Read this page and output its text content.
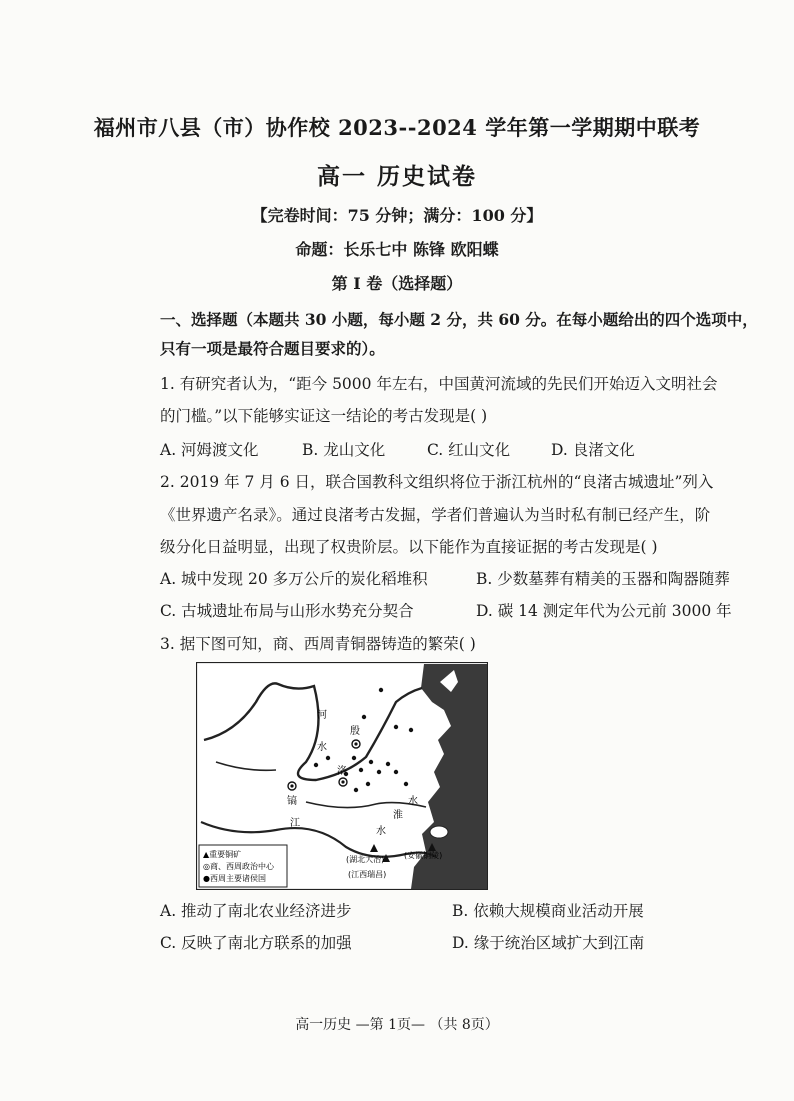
福州市八县（市）协作校 2023--2024 学年第一学期期中联考
高一 历史试卷
【完卷时间：75 分钟；满分：100 分】
命题：长乐七中 陈锋 欧阳蝶
第 I 卷（选择题）
一、选择题（本题共 30 小题，每小题 2 分，共 60 分。在每小题给出的四个选项中，
只有一项是最符合题目要求的）。
1. 有研究者认为，“距今 5000 年左右，中国黄河流域的先民们开始迈入文明社会
的门槛。”以下能够实证这一结论的考古发现是( )
A. 河姆渡文化	B. 龙山文化	C. 红山文化	D. 良渚文化
2. 2019 年 7 月 6 日，联合国教科文组织将位于浙江杭州的“良渚古城遗址”列入
《世界遗产名录》。通过良渚考古发掘，学者们普遍认为当时私有制已经产生，阶
级分化日益明显，出现了权贵阶层。以下能作为直接证据的考古发现是( )
A. 城中发现 20 多万公斤的炭化稻堆积	B. 少数墓葬有精美的玉器和陶器随葬
C. 古城遗址布局与山形水势充分契合	D. 碳 14 测定年代为公元前 3000 年
3. 据下图可知，商、西周青铜器铸造的繁荣( )
河
水
殷
洛
镐
江
淮
水
水
(湖北大冶)
(江西瑞昌)
(安徽铜陵)
▲重要铜矿
◎商、西周政治中心
●西周主要诸侯国
A. 推动了南北农业经济进步	B. 依赖大规模商业活动开展
C. 反映了南北方联系的加强	D. 缘于统治区域扩大到江南
高一历史 —第 1页— （共 8页）
